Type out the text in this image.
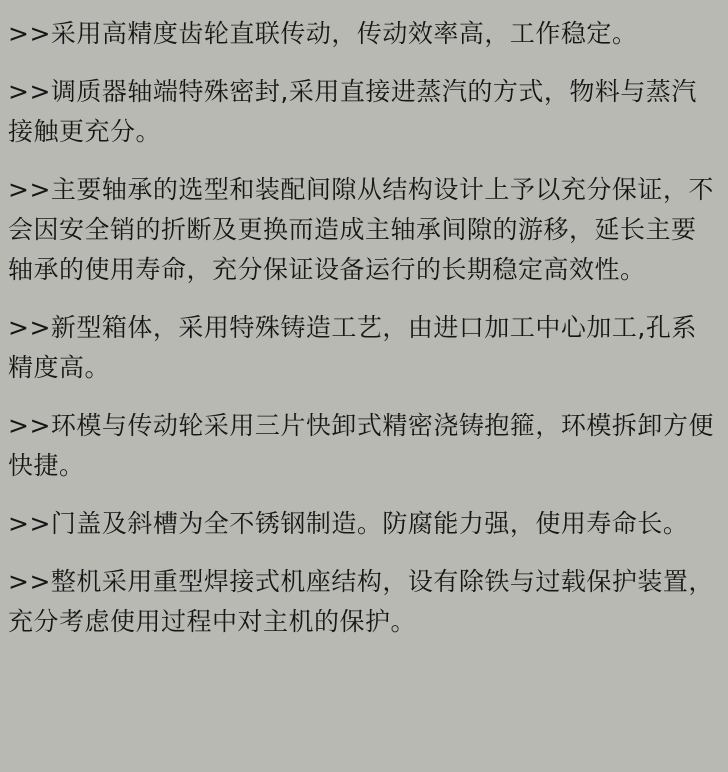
>>采用高精度齿轮直联传动，传动效率高，工作稳定。

>>调质器轴端特殊密封,采用直接进蒸汽的方式，物料与蒸汽接触更充分。

>>主要轴承的选型和装配间隙从结构设计上予以充分保证，不会因安全销的折断及更换而造成主轴承间隙的游移，延长主要轴承的使用寿命，充分保证设备运行的长期稳定高效性。

>>新型箱体，采用特殊铸造工艺，由进口加工中心加工,孔系精度高。

>>环模与传动轮采用三片快卸式精密浇铸抱箍，环模拆卸方便快捷。

>>门盖及斜槽为全不锈钢制造。防腐能力强，使用寿命长。

>>整机采用重型焊接式机座结构，设有除铁与过载保护装置，充分考虑使用过程中对主机的保护。
